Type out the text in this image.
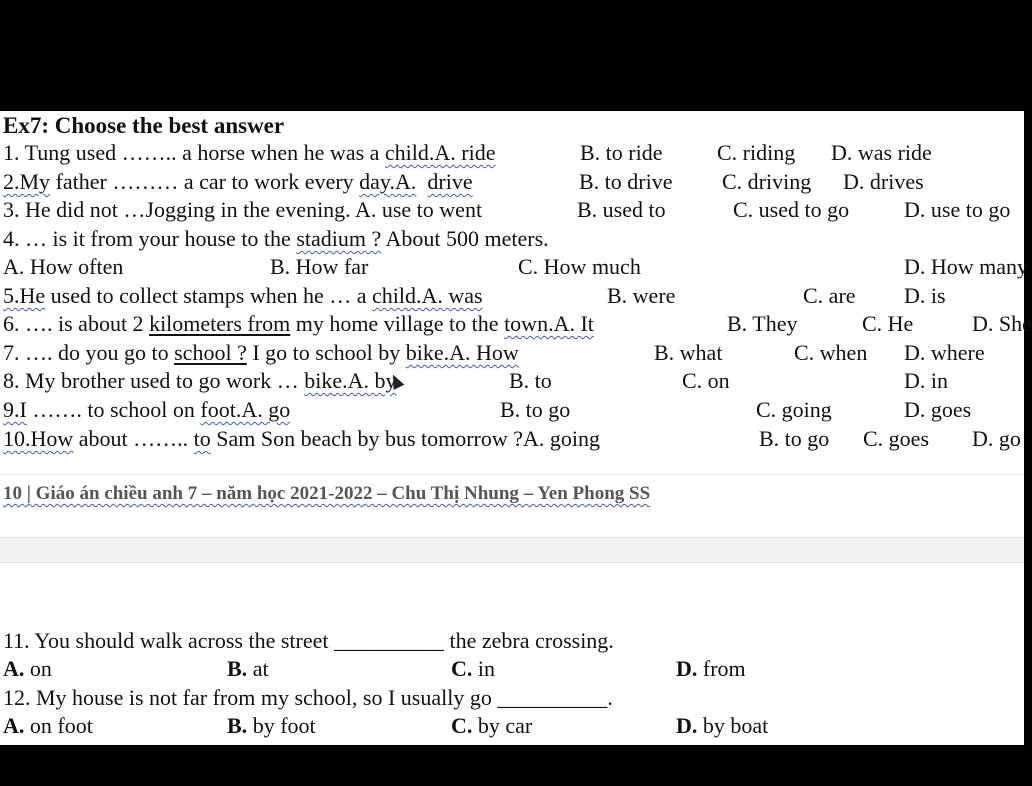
Ex7: Choose the best answer
1. Tung used …….. a horse when he was a child.A. ride	B. to ride C. riding D. was ride
2.My father ……… a car to work every day.A. drive	B. to drive C. driving D. drives
3. He did not …Jogging in the evening. A. use to went	B. used to	C. used to go D. use to go
4. … is it from your house to the stadium ? About 500 meters.
A. How often	B. How far	C. How much	D. How many
5.He used to collect stamps when he … a child.A. was	B. were	C. are D. is
6. …. is about 2 kilometers from my home village to the town.A. It	B. They	C. He	D. She
7. …. do you go to school ? I go to school by bike.A. How	B. what	C. when D. where
8. My brother used to go work … bike.A. by	B. to	C. on	D. in
9.I ……. to school on foot.A. go	B. to go	C. going	D. goes
10.How about …….. to Sam Son beach by bus tomorrow ?A. going	B. to go C. goes D. go
10 | Giáo án chiều anh 7 – năm học 2021-2022 – Chu Thị Nhung – Yen Phong SS
11. You should walk across the street __________ the zebra crossing.
A. on	B. at	C. in	D. from
12. My house is not far from my school, so I usually go __________.
A. on foot	B. by foot	C. by car	D. by boat
